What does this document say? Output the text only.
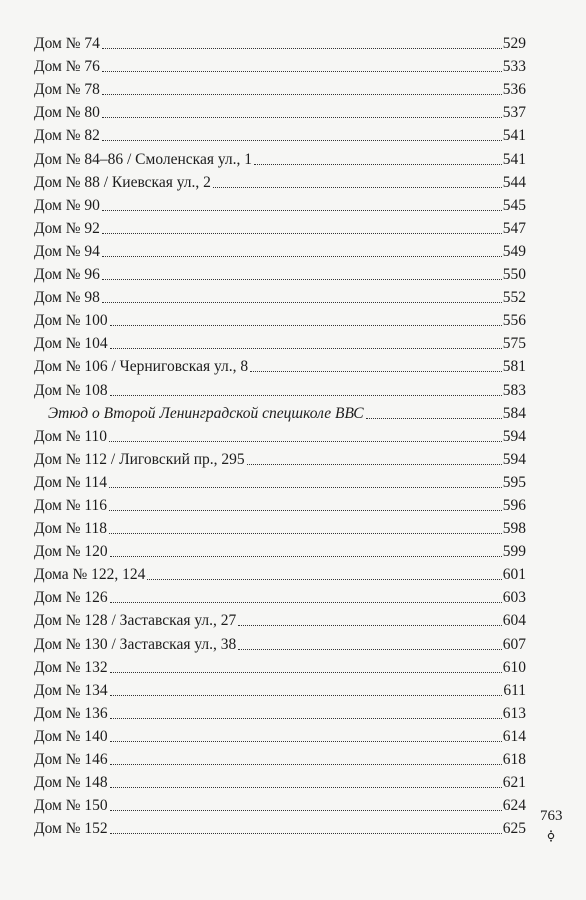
Дом № 74	529
Дом № 76	533
Дом № 78	536
Дом № 80	537
Дом № 82	541
Дом № 84–86 / Смоленская ул., 1	541
Дом № 88 / Киевская ул., 2	544
Дом № 90	545
Дом № 92	547
Дом № 94	549
Дом № 96	550
Дом № 98	552
Дом № 100	556
Дом № 104	575
Дом № 106 / Черниговская ул., 8	581
Дом № 108	583
Этюд о Второй Ленинградской спецшколе ВВС	584
Дом № 110	594
Дом № 112 / Лиговский пр., 295	594
Дом № 114	595
Дом № 116	596
Дом № 118	598
Дом № 120	599
Дома № 122, 124	601
Дом № 126	603
Дом № 128 / Заставская ул., 27	604
Дом № 130 / Заставская ул., 38	607
Дом № 132	610
Дом № 134	611
Дом № 136	613
Дом № 140	614
Дом № 146	618
Дом № 148	621
Дом № 150	624
Дом № 152	625
763
